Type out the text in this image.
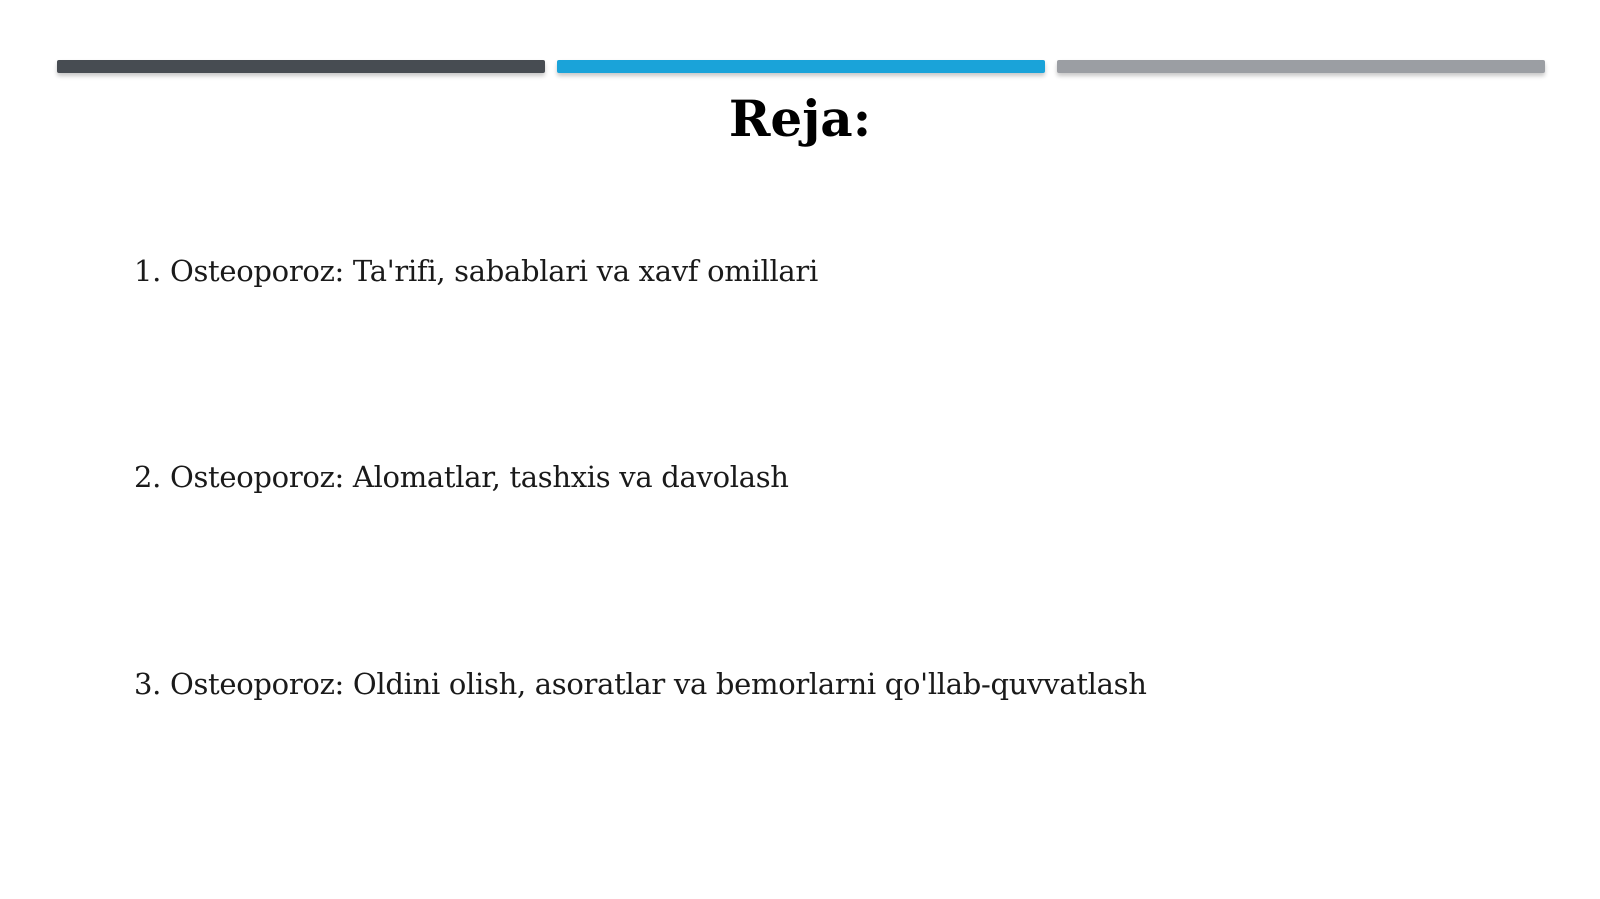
Reja:
1. Osteoporoz: Ta'rifi, sabablari va xavf omillari
2. Osteoporoz: Alomatlar, tashxis va davolash
3. Osteoporoz: Oldini olish, asoratlar va bemorlarni qo'llab-quvvatlash
